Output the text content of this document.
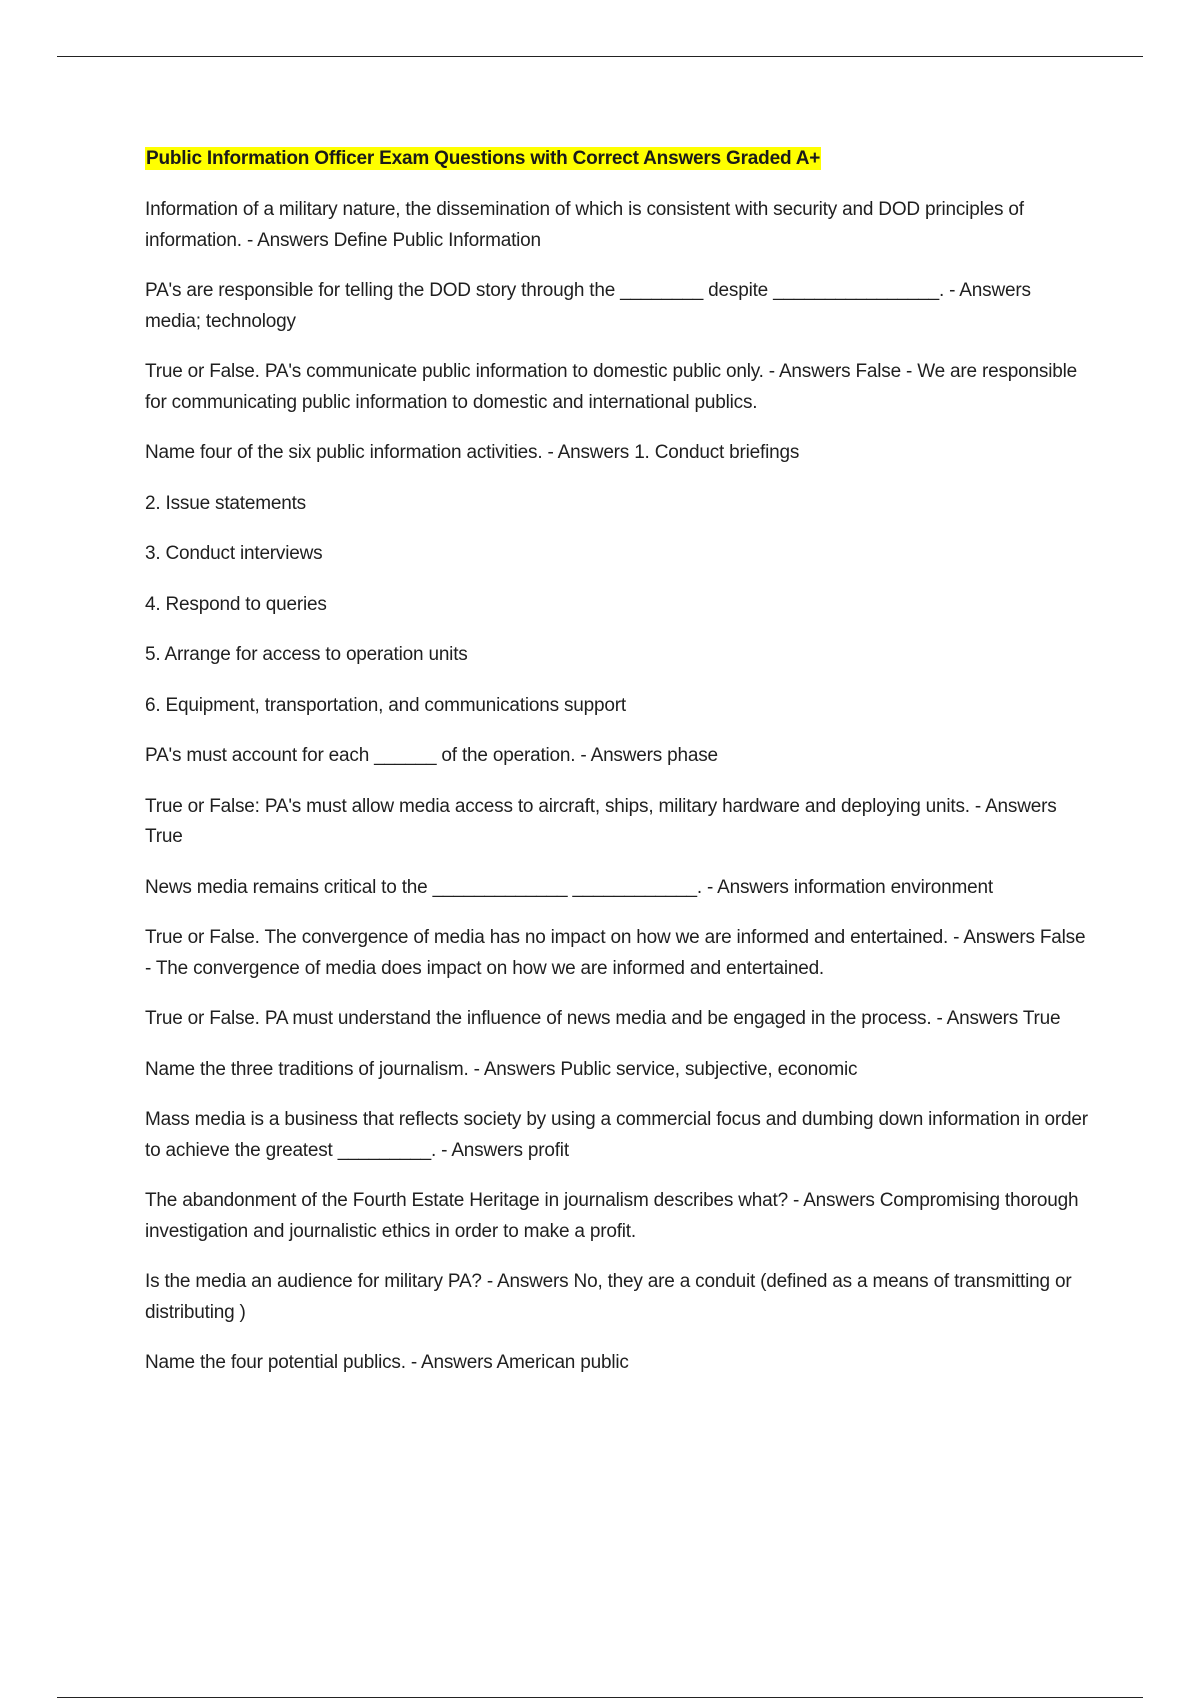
Public Information Officer Exam Questions with Correct Answers Graded A+

Information of a military nature, the dissemination of which is consistent with security and DOD principles of information. - Answers Define Public Information

PA's are responsible for telling the DOD story through the ________ despite ________________. - Answers media; technology

True or False. PA's communicate public information to domestic public only. - Answers False - We are responsible for communicating public information to domestic and international publics.

Name four of the six public information activities. - Answers 1. Conduct briefings

2. Issue statements

3. Conduct interviews

4. Respond to queries

5. Arrange for access to operation units

6. Equipment, transportation, and communications support

PA's must account for each ______ of the operation. - Answers phase

True or False: PA's must allow media access to aircraft, ships, military hardware and deploying units. - Answers True

News media remains critical to the _____________ ____________. - Answers information environment

True or False. The convergence of media has no impact on how we are informed and entertained. - Answers False - The convergence of media does impact on how we are informed and entertained.

True or False. PA must understand the influence of news media and be engaged in the process. - Answers True

Name the three traditions of journalism. - Answers Public service, subjective, economic

Mass media is a business that reflects society by using a commercial focus and dumbing down information in order to achieve the greatest _________. - Answers profit

The abandonment of the Fourth Estate Heritage in journalism describes what? - Answers Compromising thorough investigation and journalistic ethics in order to make a profit.

Is the media an audience for military PA? - Answers No, they are a conduit (defined as a means of transmitting or distributing )

Name the four potential publics. - Answers American public
